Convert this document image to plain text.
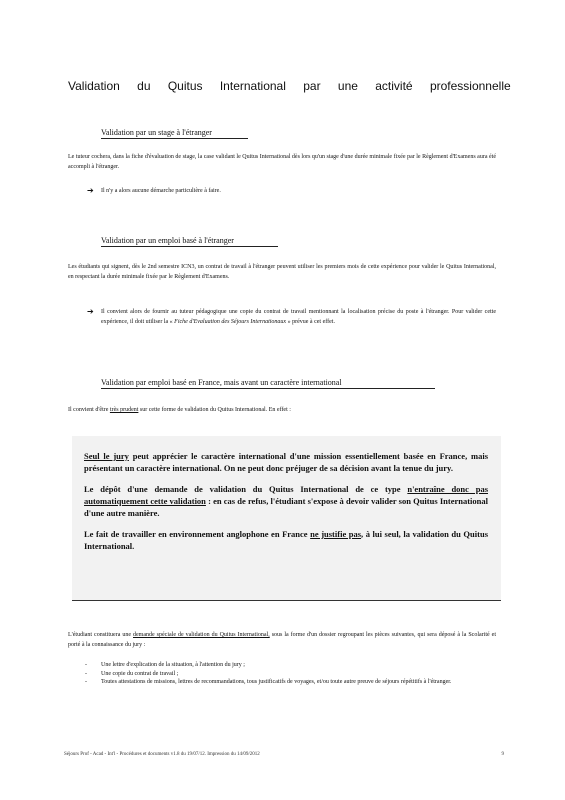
Validation du Quitus International par une activité professionnelle
Validation par un stage à l'étranger
Le tuteur cochera, dans la fiche d'évaluation de stage, la case validant le Quitus International dès lors qu'un stage d'une durée minimale fixée par le Règlement d'Examens aura été accompli à l'étranger.
➔ Il n'y a alors aucune démarche particulière à faire.
Validation par un emploi basé à l'étranger
Les étudiants qui signent, dès le 2nd semestre ICN3, un contrat de travail à l'étranger peuvent utiliser les premiers mois de cette expérience pour valider le Quitus International, en respectant la durée minimale fixée par le Règlement d'Examens.
➔ Il convient alors de fournir au tuteur pédagogique une copie du contrat de travail mentionnant la localisation précise du poste à l'étranger. Pour valider cette expérience, il doit utiliser la « Fiche d'Evaluation des Séjours Internationaux » prévue à cet effet.
Validation par emploi basé en France, mais avant un caractère international
Il convient d'être très prudent sur cette forme de validation du Quitus International. En effet :

Seul le jury peut apprécier le caractère international d'une mission essentiellement basée en France, mais présentant un caractère international. On ne peut donc préjuger de sa décision avant la tenue du jury.

Le dépôt d'une demande de validation du Quitus International de ce type n'entraîne donc pas automatiquement cette validation : en cas de refus, l'étudiant s'expose à devoir valider son Quitus International d'une autre manière.

Le fait de travailler en environnement anglophone en France ne justifie pas, à lui seul, la validation du Quitus International.

L'étudiant constituera une demande spéciale de validation du Quitus International, sous la forme d'un dossier regroupant les pièces suivantes, qui sera déposé à la Scolarité et porté à la connaissance du jury :
- Une lettre d'explication de la situation, à l'attention du jury ;
- Une copie du contrat de travail ;
- Toutes attestations de missions, lettres de recommandations, tous justificatifs de voyages, et/ou toute autre preuve de séjours répétitifs à l'étranger.
Séjours Prof - Acad - Int'l - Procédures et documents v1.8 du 19/07/12. Impression du 14/09/2012	9
